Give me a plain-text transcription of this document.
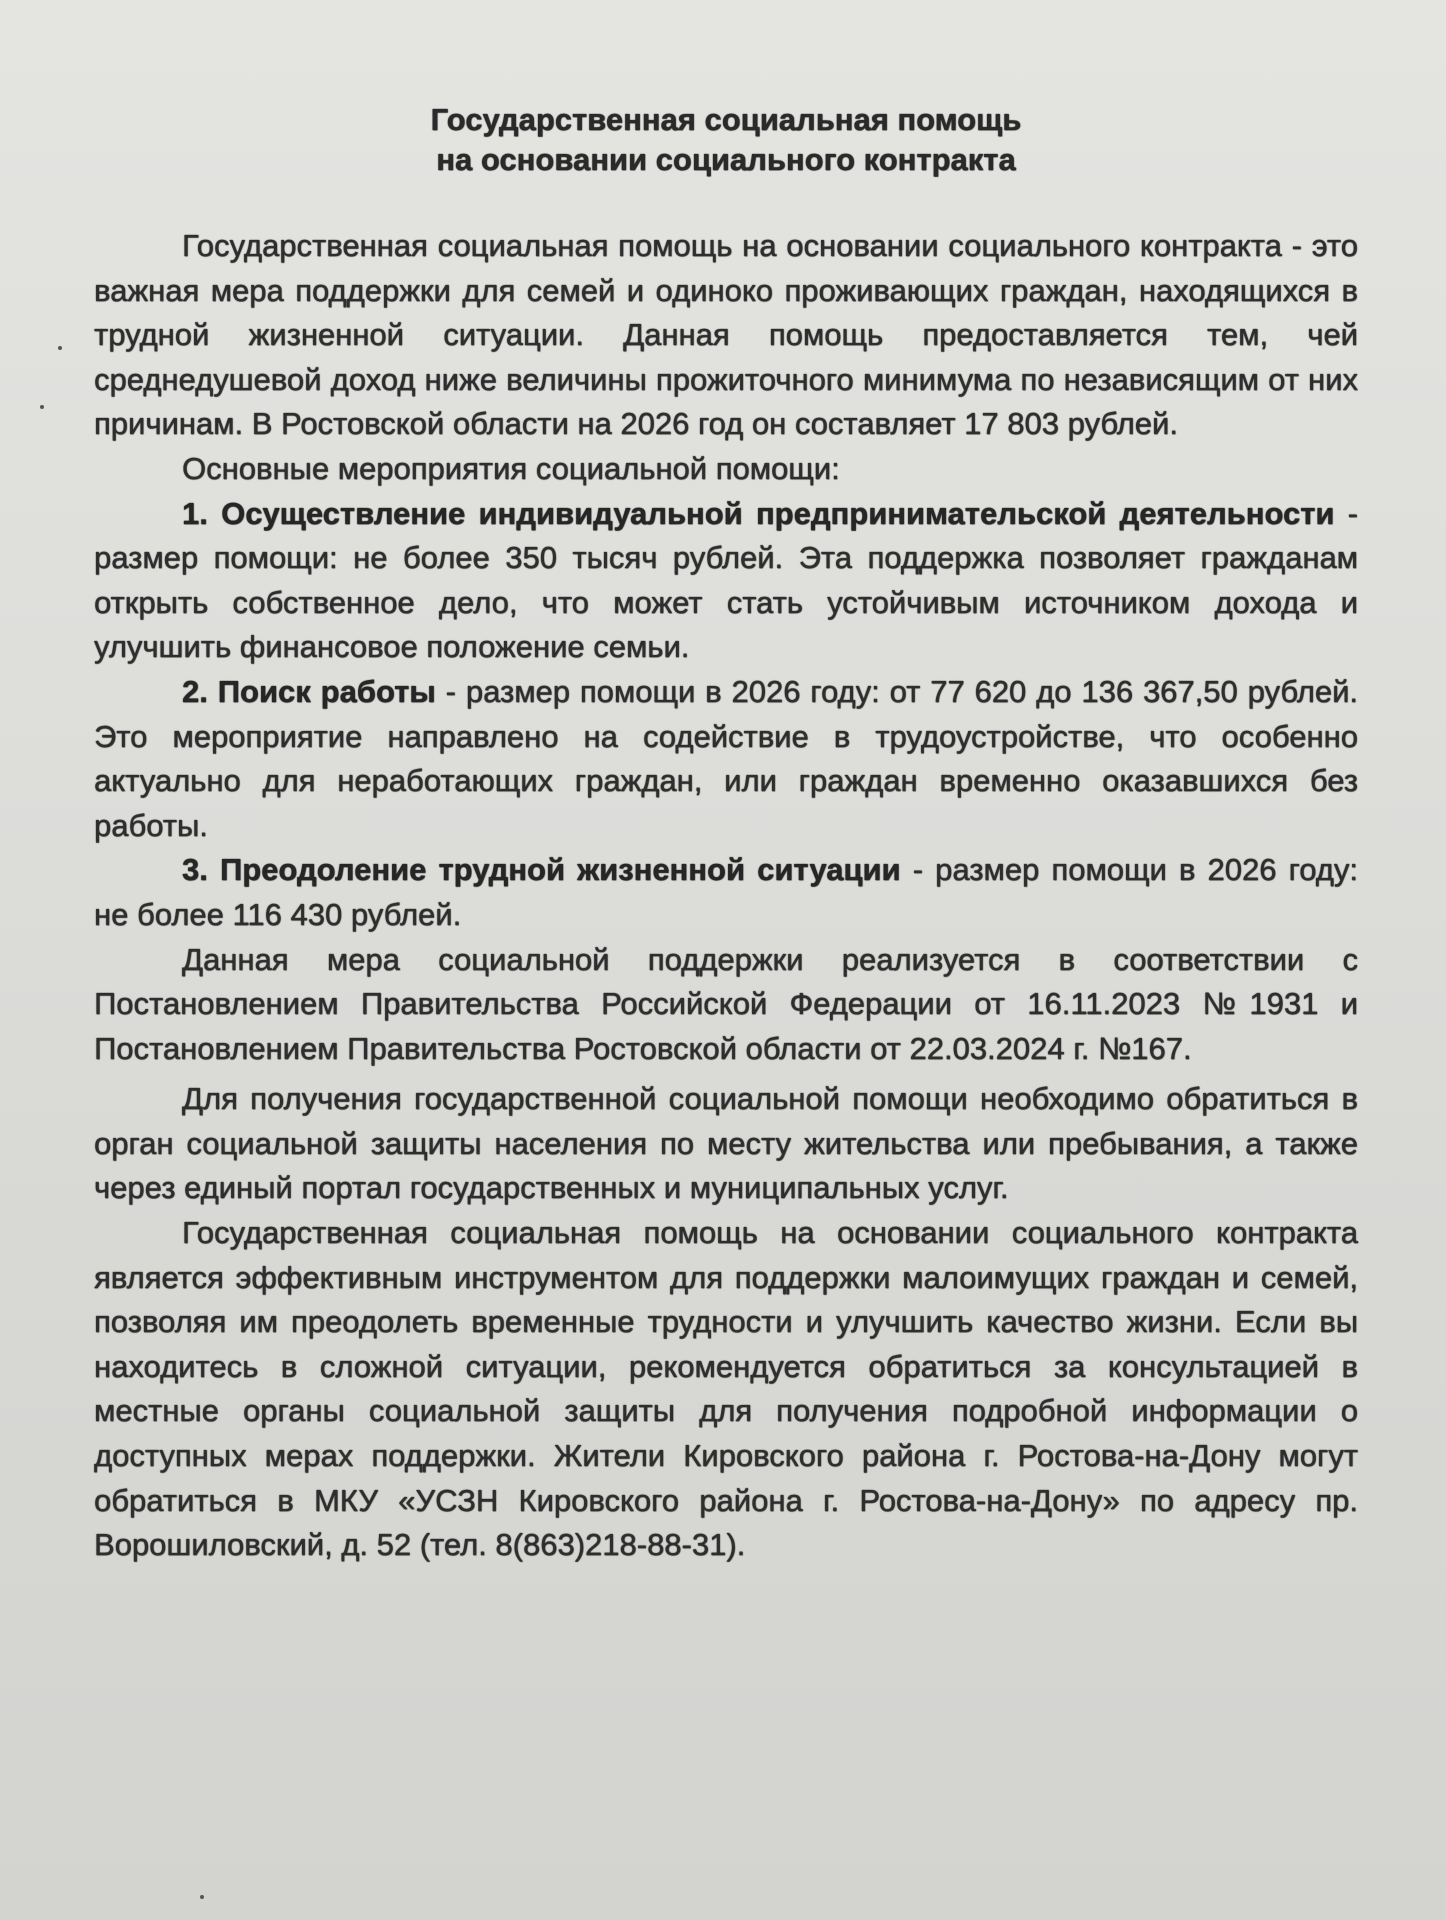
Государственная социальная помощь
на основании социального контракта

Государственная социальная помощь на основании социального контракта - это важная мера поддержки для семей и одиноко проживающих граждан, находящихся в трудной жизненной ситуации. Данная помощь предоставляется тем, чей среднедушевой доход ниже величины прожиточного минимума по независящим от них причинам. В Ростовской области на 2026 год он составляет 17 803 рублей.

Основные мероприятия социальной помощи:

1. Осуществление индивидуальной предпринимательской деятельности - размер помощи: не более 350 тысяч рублей. Эта поддержка позволяет гражданам открыть собственное дело, что может стать устойчивым источником дохода и улучшить финансовое положение семьи.

2. Поиск работы - размер помощи в 2026 году: от 77 620 до 136 367,50 рублей. Это мероприятие направлено на содействие в трудоустройстве, что особенно актуально для неработающих граждан, или граждан временно оказавшихся без работы.

3. Преодоление трудной жизненной ситуации - размер помощи в 2026 году: не более 116 430 рублей.

Данная мера социальной поддержки реализуется в соответствии с Постановлением Правительства Российской Федерации от 16.11.2023 №1931 и Постановлением Правительства Ростовской области от 22.03.2024 г. №167.

Для получения государственной социальной помощи необходимо обратиться в орган социальной защиты населения по месту жительства или пребывания, а также через единый портал государственных и муниципальных услуг.

Государственная социальная помощь на основании социального контракта является эффективным инструментом для поддержки малоимущих граждан и семей, позволяя им преодолеть временные трудности и улучшить качество жизни. Если вы находитесь в сложной ситуации, рекомендуется обратиться за консультацией в местные органы социальной защиты для получения подробной информации о доступных мерах поддержки. Жители Кировского района г. Ростова-на-Дону могут обратиться в МКУ «УСЗН Кировского района г. Ростова-на-Дону» по адресу пр. Ворошиловский, д. 52 (тел. 8(863)218-88-31).
